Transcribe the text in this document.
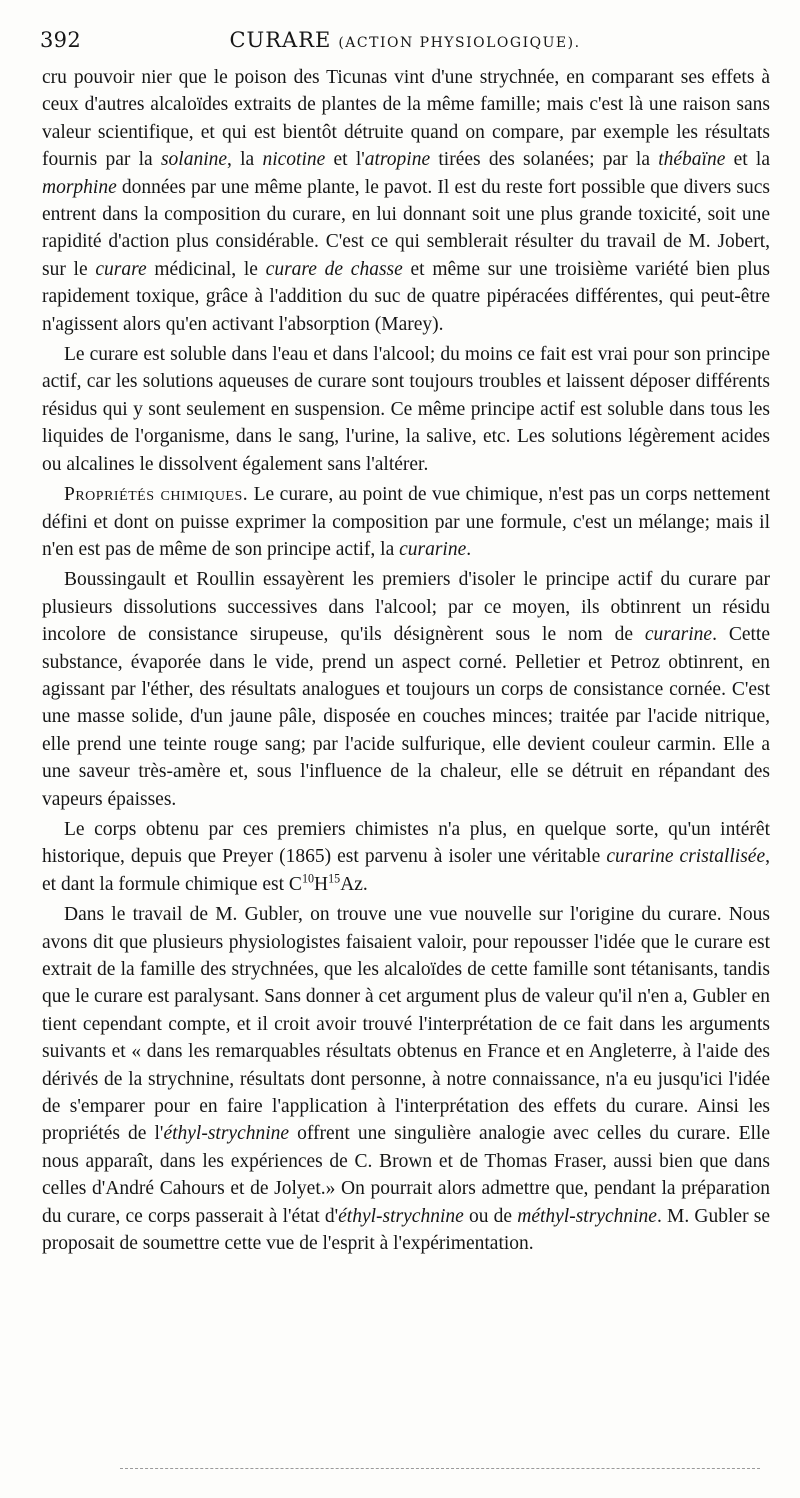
392	CURARE (ACTION PHYSIOLOGIQUE).

cru pouvoir nier que le poison des Ticunas vint d'une strychnée, en comparant ses effets à ceux d'autres alcaloïdes extraits de plantes de la même famille; mais c'est là une raison sans valeur scientifique, et qui est bientôt détruite quand on compare, par exemple les résultats fournis par la solanine, la nicotine et l'atropine tirées des solanées; par la thébaïne et la morphine données par une même plante, le pavot. Il est du reste fort possible que divers sucs entrent dans la composition du curare, en lui donnant soit une plus grande toxicité, soit une rapidité d'action plus considérable. C'est ce qui semblerait résulter du travail de M. Jobert, sur le curare médicinal, le curare de chasse et même sur une troisième variété bien plus rapidement toxique, grâce à l'addition du suc de quatre pipéracées différentes, qui peut-être n'agissent alors qu'en activant l'absorption (Marey).

Le curare est soluble dans l'eau et dans l'alcool; du moins ce fait est vrai pour son principe actif, car les solutions aqueuses de curare sont toujours troubles et laissent déposer différents résidus qui y sont seulement en suspension. Ce même principe actif est soluble dans tous les liquides de l'organisme, dans le sang, l'urine, la salive, etc. Les solutions légèrement acides ou alcalines le dissolvent également sans l'altérer.

Propriétés chimiques. Le curare, au point de vue chimique, n'est pas un corps nettement défini et dont on puisse exprimer la composition par une formule, c'est un mélange; mais il n'en est pas de même de son principe actif, la curarine.

Boussingault et Roullin essayèrent les premiers d'isoler le principe actif du curare par plusieurs dissolutions successives dans l'alcool; par ce moyen, ils obtinrent un résidu incolore de consistance sirupeuse, qu'ils désignèrent sous le nom de curarine. Cette substance, évaporée dans le vide, prend un aspect corné. Pelletier et Petroz obtinrent, en agissant par l'éther, des résultats analogues et toujours un corps de consistance cornée. C'est une masse solide, d'un jaune pâle, disposée en couches minces; traitée par l'acide nitrique, elle prend une teinte rouge sang; par l'acide sulfurique, elle devient couleur carmin. Elle a une saveur très-amère et, sous l'influence de la chaleur, elle se détruit en répandant des vapeurs épaisses.

Le corps obtenu par ces premiers chimistes n'a plus, en quelque sorte, qu'un intérêt historique, depuis que Preyer (1865) est parvenu à isoler une véritable curarine cristallisée, et dant la formule chimique est $C^{10}H^{15}Az$.

Dans le travail de M. Gubler, on trouve une vue nouvelle sur l'origine du curare. Nous avons dit que plusieurs physiologistes faisaient valoir, pour repousser l'idée que le curare est extrait de la famille des strychnées, que les alcaloïdes de cette famille sont tétanisants, tandis que le curare est paralysant. Sans donner à cet argument plus de valeur qu'il n'en a, Gubler en tient cependant compte, et il croit avoir trouvé l'interprétation de ce fait dans les arguments suivants et « dans les remarquables résultats obtenus en France et en Angleterre, à l'aide des dérivés de la strychnine, résultats dont personne, à notre connaissance, n'a eu jusqu'ici l'idée de s'emparer pour en faire l'application à l'interprétation des effets du curare. Ainsi les propriétés de l'éthyl-strychnine offrent une singulière analogie avec celles du curare. Elle nous apparaît, dans les expériences de C. Brown et de Thomas Fraser, aussi bien que dans celles d'André Cahours et de Jolyet.» On pourrait alors admettre que, pendant la préparation du curare, ce corps passerait à l'état d'éthyl-strychnine ou de méthyl-strychnine. M. Gubler se proposait de soumettre cette vue de l'esprit à l'expérimentation.
